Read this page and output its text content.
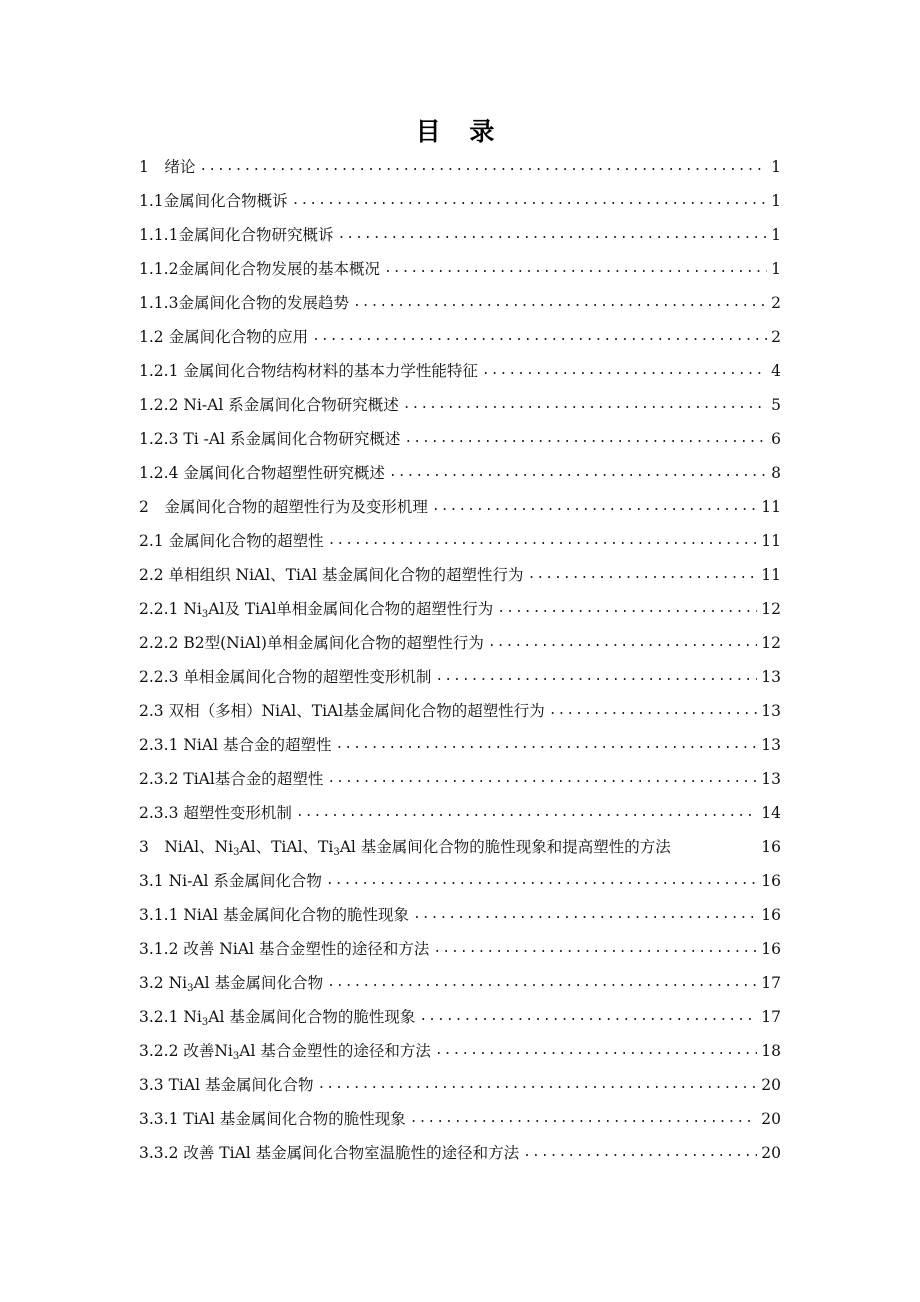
目 录
1　绪论 .....	1
1.1金属间化合物概诉 .....	1
1.1.1金属间化合物研究概诉 .....	1
1.1.2金属间化合物发展的基本概况 .....	1
1.1.3金属间化合物的发展趋势 .....	2
1.2 金属间化合物的应用 .....	2
1.2.1 金属间化合物结构材料的基本力学性能特征 .....	4
1.2.2 Ni-Al 系金属间化合物研究概述 .....	5
1.2.3 Ti -Al 系金属间化合物研究概述 .....	6
1.2.4 金属间化合物超塑性研究概述 .....	8
2　金属间化合物的超塑性行为及变形机理 .....	11
2.1 金属间化合物的超塑性 .....	11
2.2 单相组织 NiAl、TiAl 基金属间化合物的超塑性行为 .....	11
2.2.1 $Ni_3Al$及 TiAl单相金属间化合物的超塑性行为 .....	12
2.2.2 B2型(NiAl)单相金属间化合物的超塑性行为 .....	12
2.2.3 单相金属间化合物的超塑性变形机制 .....	13
2.3 双相（多相）NiAl、TiAl基金属间化合物的超塑性行为 .....	13
2.3.1 NiAl 基合金的超塑性 .....	13
2.3.2 TiAl基合金的超塑性 .....	13
2.3.3 超塑性变形机制 .....	14
3　NiAl、$Ni_3Al$、TiAl、$Ti_3Al$ 基金属间化合物的脆性现象和提高塑性的方法	16
3.1 Ni-Al 系金属间化合物 .....	16
3.1.1 NiAl 基金属间化合物的脆性现象 .....	16
3.1.2 改善 NiAl 基合金塑性的途径和方法 .....	16
3.2 $Ni_3Al$ 基金属间化合物 .....	17
3.2.1 $Ni_3Al$ 基金属间化合物的脆性现象 .....	17
3.2.2 改善$Ni_3Al$ 基合金塑性的途径和方法 .....	18
3.3 TiAl 基金属间化合物 .....	20
3.3.1 TiAl 基金属间化合物的脆性现象 .....	20
3.3.2 改善 TiAl 基金属间化合物室温脆性的途径和方法 .....	20
